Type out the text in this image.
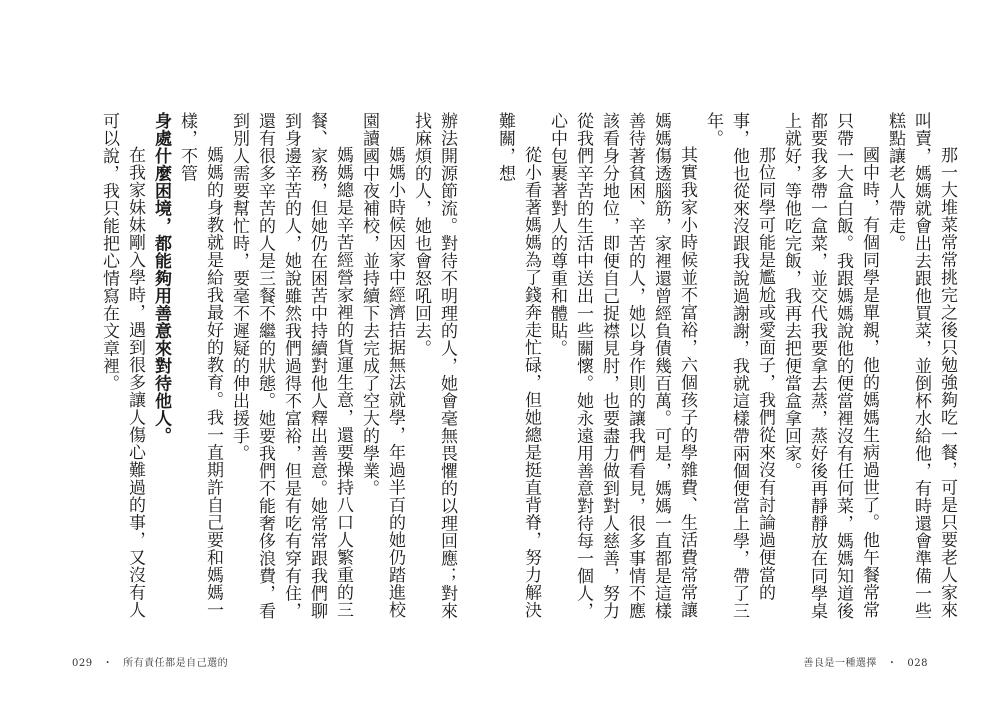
那一大堆菜常常挑完之後只勉強夠吃一餐，可是只要老人家來叫賣，媽媽就會出去跟他買菜，並倒杯水給他，有時還會準備一些糕點讓老人帶走。

國中時，有個同學是單親，他的媽媽生病過世了。他午餐常常只帶一大盒白飯。我跟媽媽說他的便當裡沒有任何菜，媽媽知道後都要我多帶一盒菜，並交代我要拿去蒸，蒸好後再靜靜放在同學桌上就好，等他吃完飯，我再去把便當盒拿回家。

那位同學可能是尷尬或愛面子，我們從來沒有討論過便當的事，他也從來沒跟我說過謝謝，我就這樣帶兩個便當上學，帶了三年。

其實我家小時候並不富裕，六個孩子的學雜費、生活費常常讓媽媽傷透腦筋，家裡還曾經負債幾百萬。可是，媽媽一直都是這樣善待著貧困、辛苦的人，她以身作則的讓我們看見，很多事情不應該看身分地位，即便自己捉襟見肘，也要盡力做到對人慈善，努力從我們辛苦的生活中送出一些關懷。她永遠用善意對待每一個人，心中包裹著對人的尊重和體貼。

從小看著媽媽為了錢奔走忙碌，但她總是挺直背脊，努力解決難關，想

善良是一種選擇 ・ 028

辦法開源節流。對待不明理的人，她會毫無畏懼的以理回應；對來找麻煩的人，她也會怒吼回去。

媽媽小時候因家中經濟拮据無法就學，年過半百的她仍踏進校園讀國中夜補校，並持續下去完成了空大的學業。

媽媽總是辛苦經營家裡的貨運生意，還要操持八口人繁重的三餐、家務，但她仍在困苦中持續對他人釋出善意。她常常跟我們聊到身邊辛苦的人，她說雖然我們過得不富裕，但是有吃有穿有住，還有很多辛苦的人是三餐不繼的狀態。她要我們不能奢侈浪費，看到別人需要幫忙時，要毫不遲疑的伸出援手。

媽媽的身教就是給我最好的教育。我一直期許自己要和媽媽一樣，不管

身處什麼困境，都能夠用善意來對待他人。

在我家妹妹剛入學時，遇到很多讓人傷心難過的事，又沒有人可以說，我只能把心情寫在文章裡。

029 ・ 所有責任都是自己選的
